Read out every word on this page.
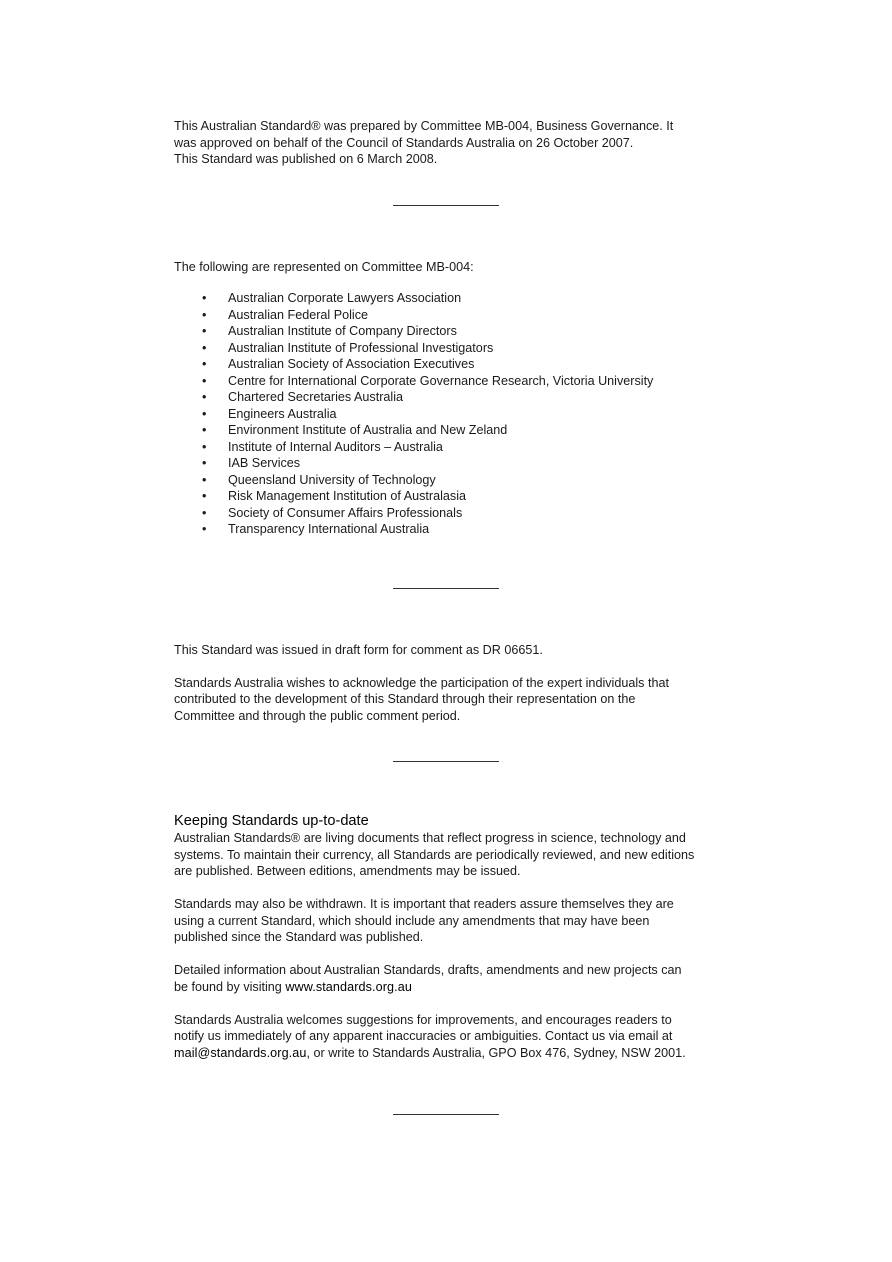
This Australian Standard® was prepared by Committee MB-004, Business Governance. It

was approved on behalf of the Council of Standards Australia on 26 October 2007.

This Standard was published on 6 March 2008.

The following are represented on Committee MB-004:

• Australian Corporate Lawyers Association
• Australian Federal Police
• Australian Institute of Company Directors
• Australian Institute of Professional Investigators
• Australian Society of Association Executives
• Centre for International Corporate Governance Research, Victoria University
• Chartered Secretaries Australia
• Engineers Australia
• Environment Institute of Australia and New Zeland
• Institute of Internal Auditors – Australia
• IAB Services
• Queensland University of Technology
• Risk Management Institution of Australasia
• Society of Consumer Affairs Professionals
• Transparency International Australia

This Standard was issued in draft form for comment as DR 06651.

Standards Australia wishes to acknowledge the participation of the expert individuals that

contributed to the development of this Standard through their representation on the

Committee and through the public comment period.

Keeping Standards up-to-date

Australian Standards® are living documents that reflect progress in science, technology and

systems. To maintain their currency, all Standards are periodically reviewed, and new editions

are published. Between editions, amendments may be issued.

Standards may also be withdrawn. It is important that readers assure themselves they are

using a current Standard, which should include any amendments that may have been

published since the Standard was published.

Detailed information about Australian Standards, drafts, amendments and new projects can

be found by visiting www.standards.org.au

Standards Australia welcomes suggestions for improvements, and encourages readers to

notify us immediately of any apparent inaccuracies or ambiguities. Contact us via email at

mail@standards.org.au, or write to Standards Australia, GPO Box 476, Sydney, NSW 2001.
